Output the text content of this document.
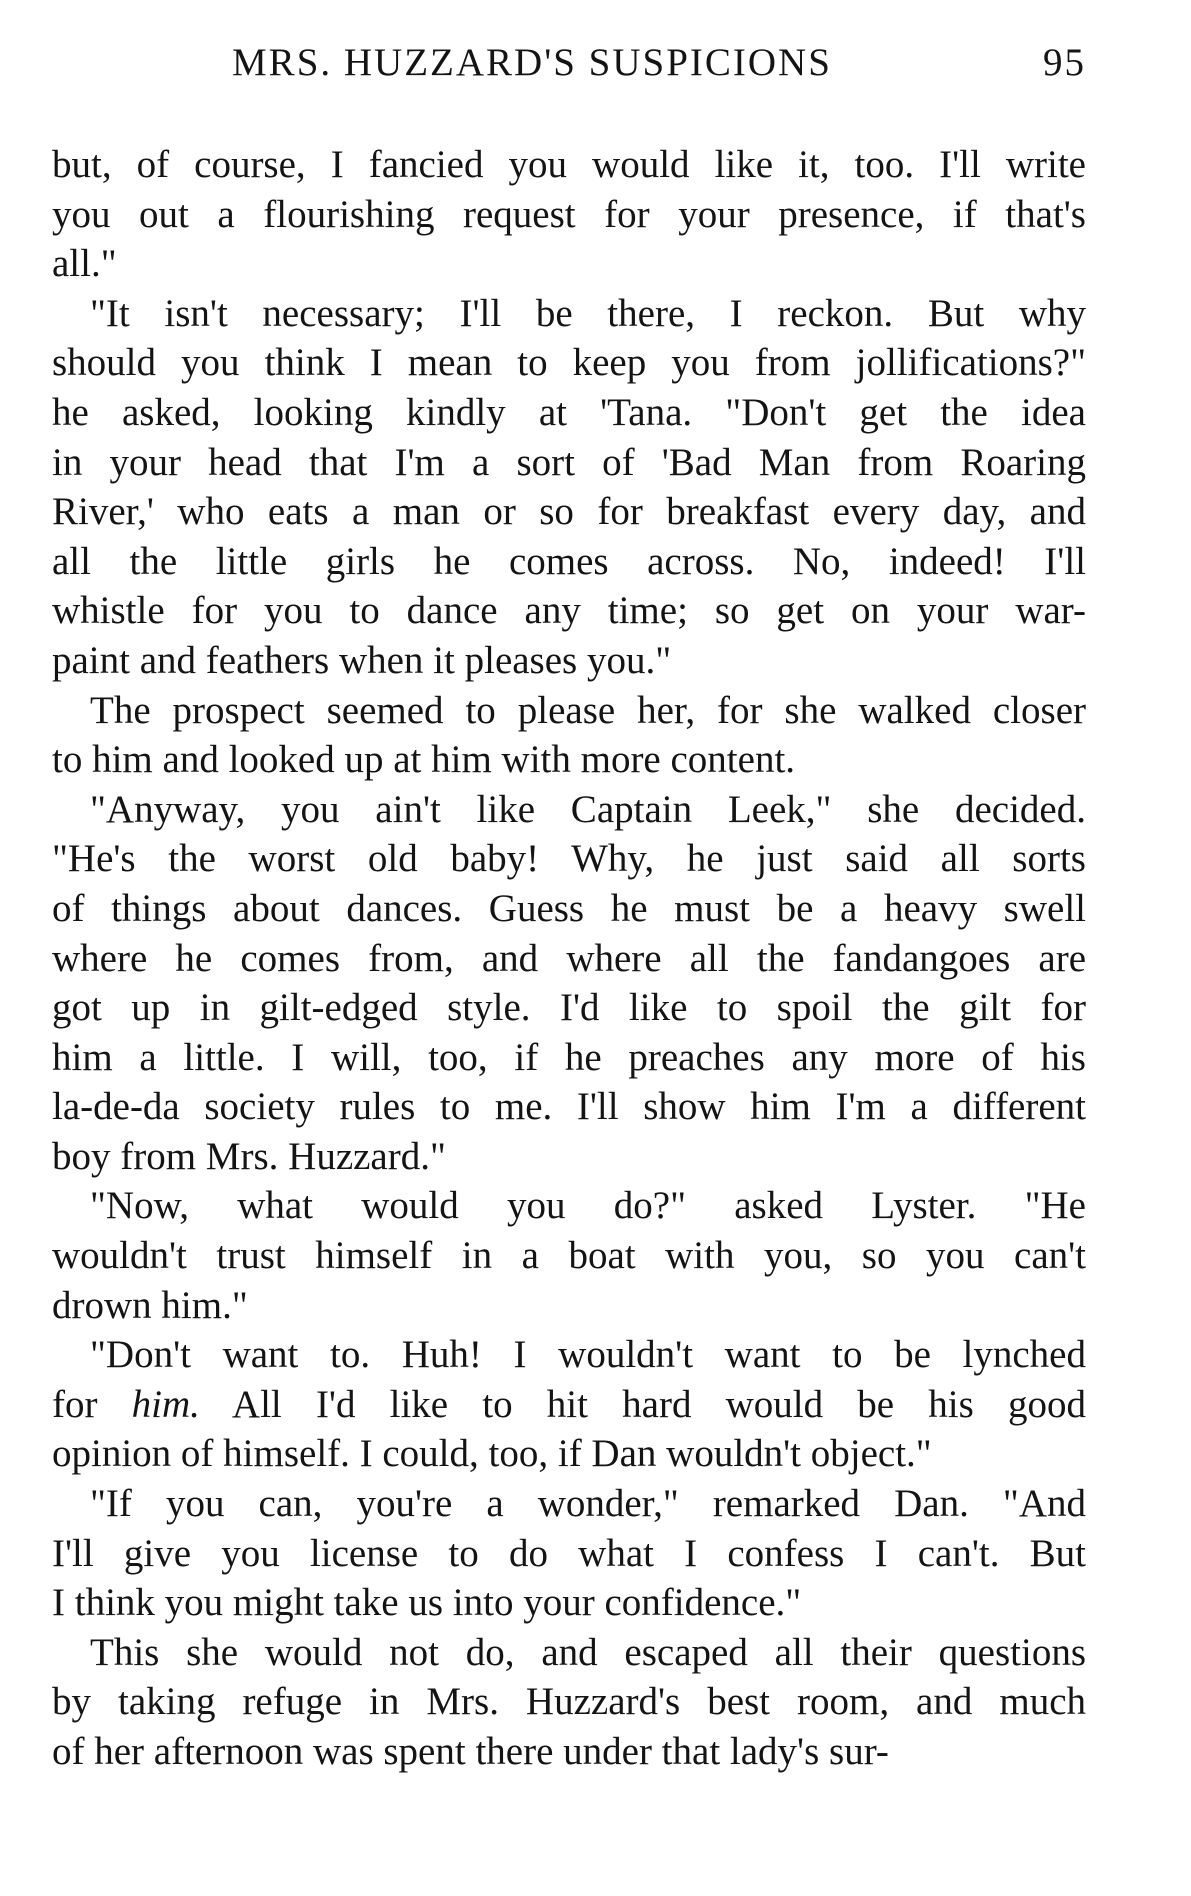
MRS. HUZZARD'S SUSPICIONS	95

but, of course, I fancied you would like it, too. I'll write
you out a flourishing request for your presence, if that's
all."

"It isn't necessary; I'll be there, I reckon. But why
should you think I mean to keep you from jollifications?"
he asked, looking kindly at 'Tana. "Don't get the idea
in your head that I'm a sort of 'Bad Man from Roaring
River,' who eats a man or so for breakfast every day, and
all the little girls he comes across. No, indeed! I'll
whistle for you to dance any time; so get on your war-
paint and feathers when it pleases you."

The prospect seemed to please her, for she walked closer
to him and looked up at him with more content.

"Anyway, you ain't like Captain Leek," she decided.
"He's the worst old baby! Why, he just said all sorts
of things about dances. Guess he must be a heavy swell
where he comes from, and where all the fandangoes are
got up in gilt-edged style. I'd like to spoil the gilt for
him a little. I will, too, if he preaches any more of his
la-de-da society rules to me. I'll show him I'm a different
boy from Mrs. Huzzard."

"Now, what would you do?" asked Lyster. "He
wouldn't trust himself in a boat with you, so you can't
drown him."

"Don't want to. Huh! I wouldn't want to be lynched
for him. All I'd like to hit hard would be his good
opinion of himself. I could, too, if Dan wouldn't object."

"If you can, you're a wonder," remarked Dan. "And
I'll give you license to do what I confess I can't. But
I think you might take us into your confidence."

This she would not do, and escaped all their questions
by taking refuge in Mrs. Huzzard's best room, and much
of her afternoon was spent there under that lady's sur-
